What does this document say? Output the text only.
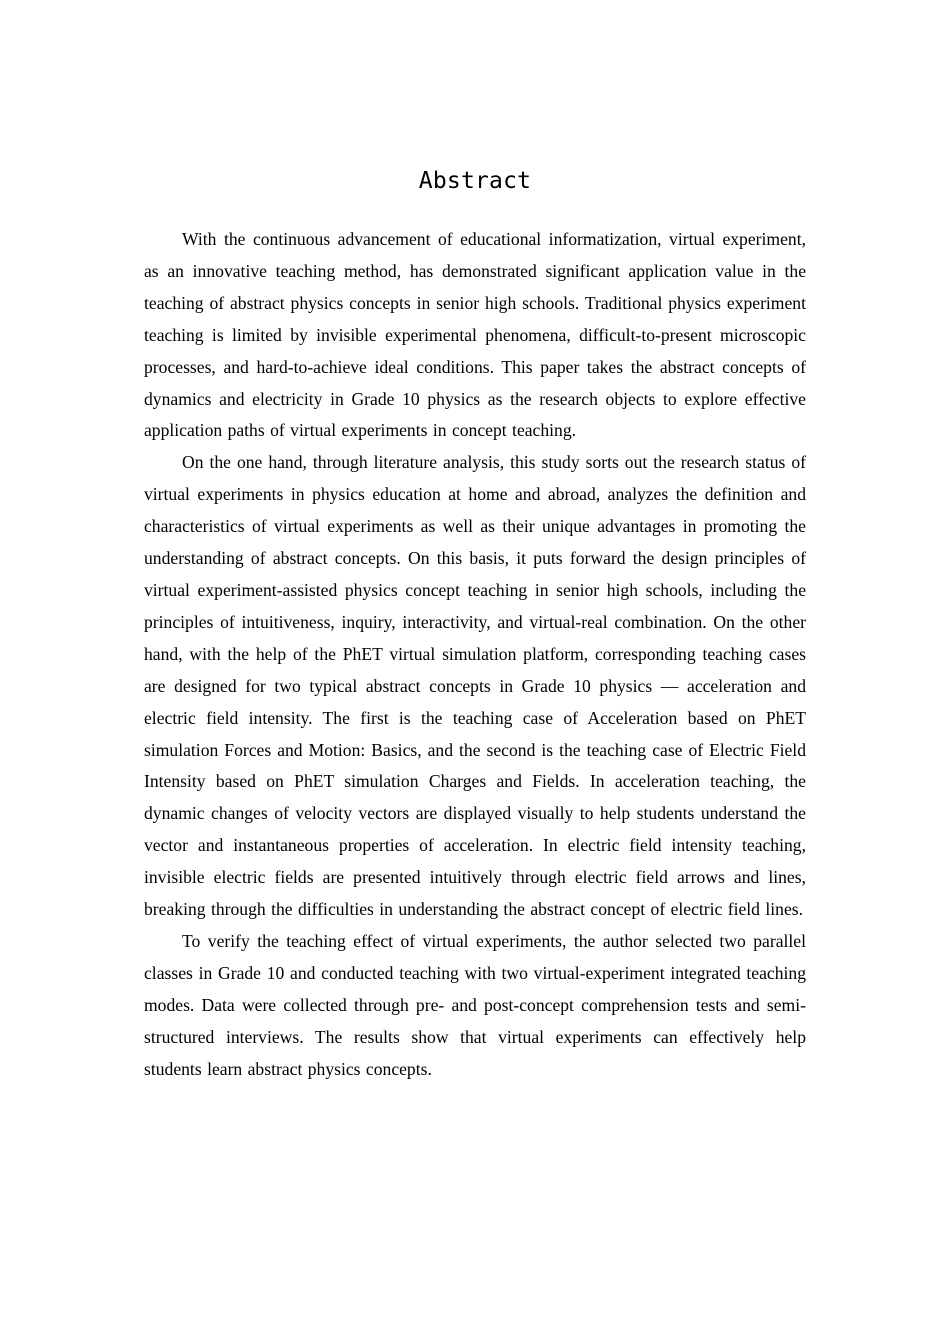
Abstract

With the continuous advancement of educational informatization, virtual experiment, as an innovative teaching method, has demonstrated significant application value in the teaching of abstract physics concepts in senior high schools. Traditional physics experiment teaching is limited by invisible experimental phenomena, difficult-to-present microscopic processes, and hard-to-achieve ideal conditions. This paper takes the abstract concepts of dynamics and electricity in Grade 10 physics as the research objects to explore effective application paths of virtual experiments in concept teaching.

On the one hand, through literature analysis, this study sorts out the research status of virtual experiments in physics education at home and abroad, analyzes the definition and characteristics of virtual experiments as well as their unique advantages in promoting the understanding of abstract concepts. On this basis, it puts forward the design principles of virtual experiment-assisted physics concept teaching in senior high schools, including the principles of intuitiveness, inquiry, interactivity, and virtual-real combination. On the other hand, with the help of the PhET virtual simulation platform, corresponding teaching cases are designed for two typical abstract concepts in Grade 10 physics — acceleration and electric field intensity. The first is the teaching case of Acceleration based on PhET simulation Forces and Motion: Basics, and the second is the teaching case of Electric Field Intensity based on PhET simulation Charges and Fields. In acceleration teaching, the dynamic changes of velocity vectors are displayed visually to help students understand the vector and instantaneous properties of acceleration. In electric field intensity teaching, invisible electric fields are presented intuitively through electric field arrows and lines, breaking through the difficulties in understanding the abstract concept of electric field lines.

To verify the teaching effect of virtual experiments, the author selected two parallel classes in Grade 10 and conducted teaching with two virtual-experiment integrated teaching modes. Data were collected through pre- and post-concept comprehension tests and semi-structured interviews. The results show that virtual experiments can effectively help students learn abstract physics concepts.
